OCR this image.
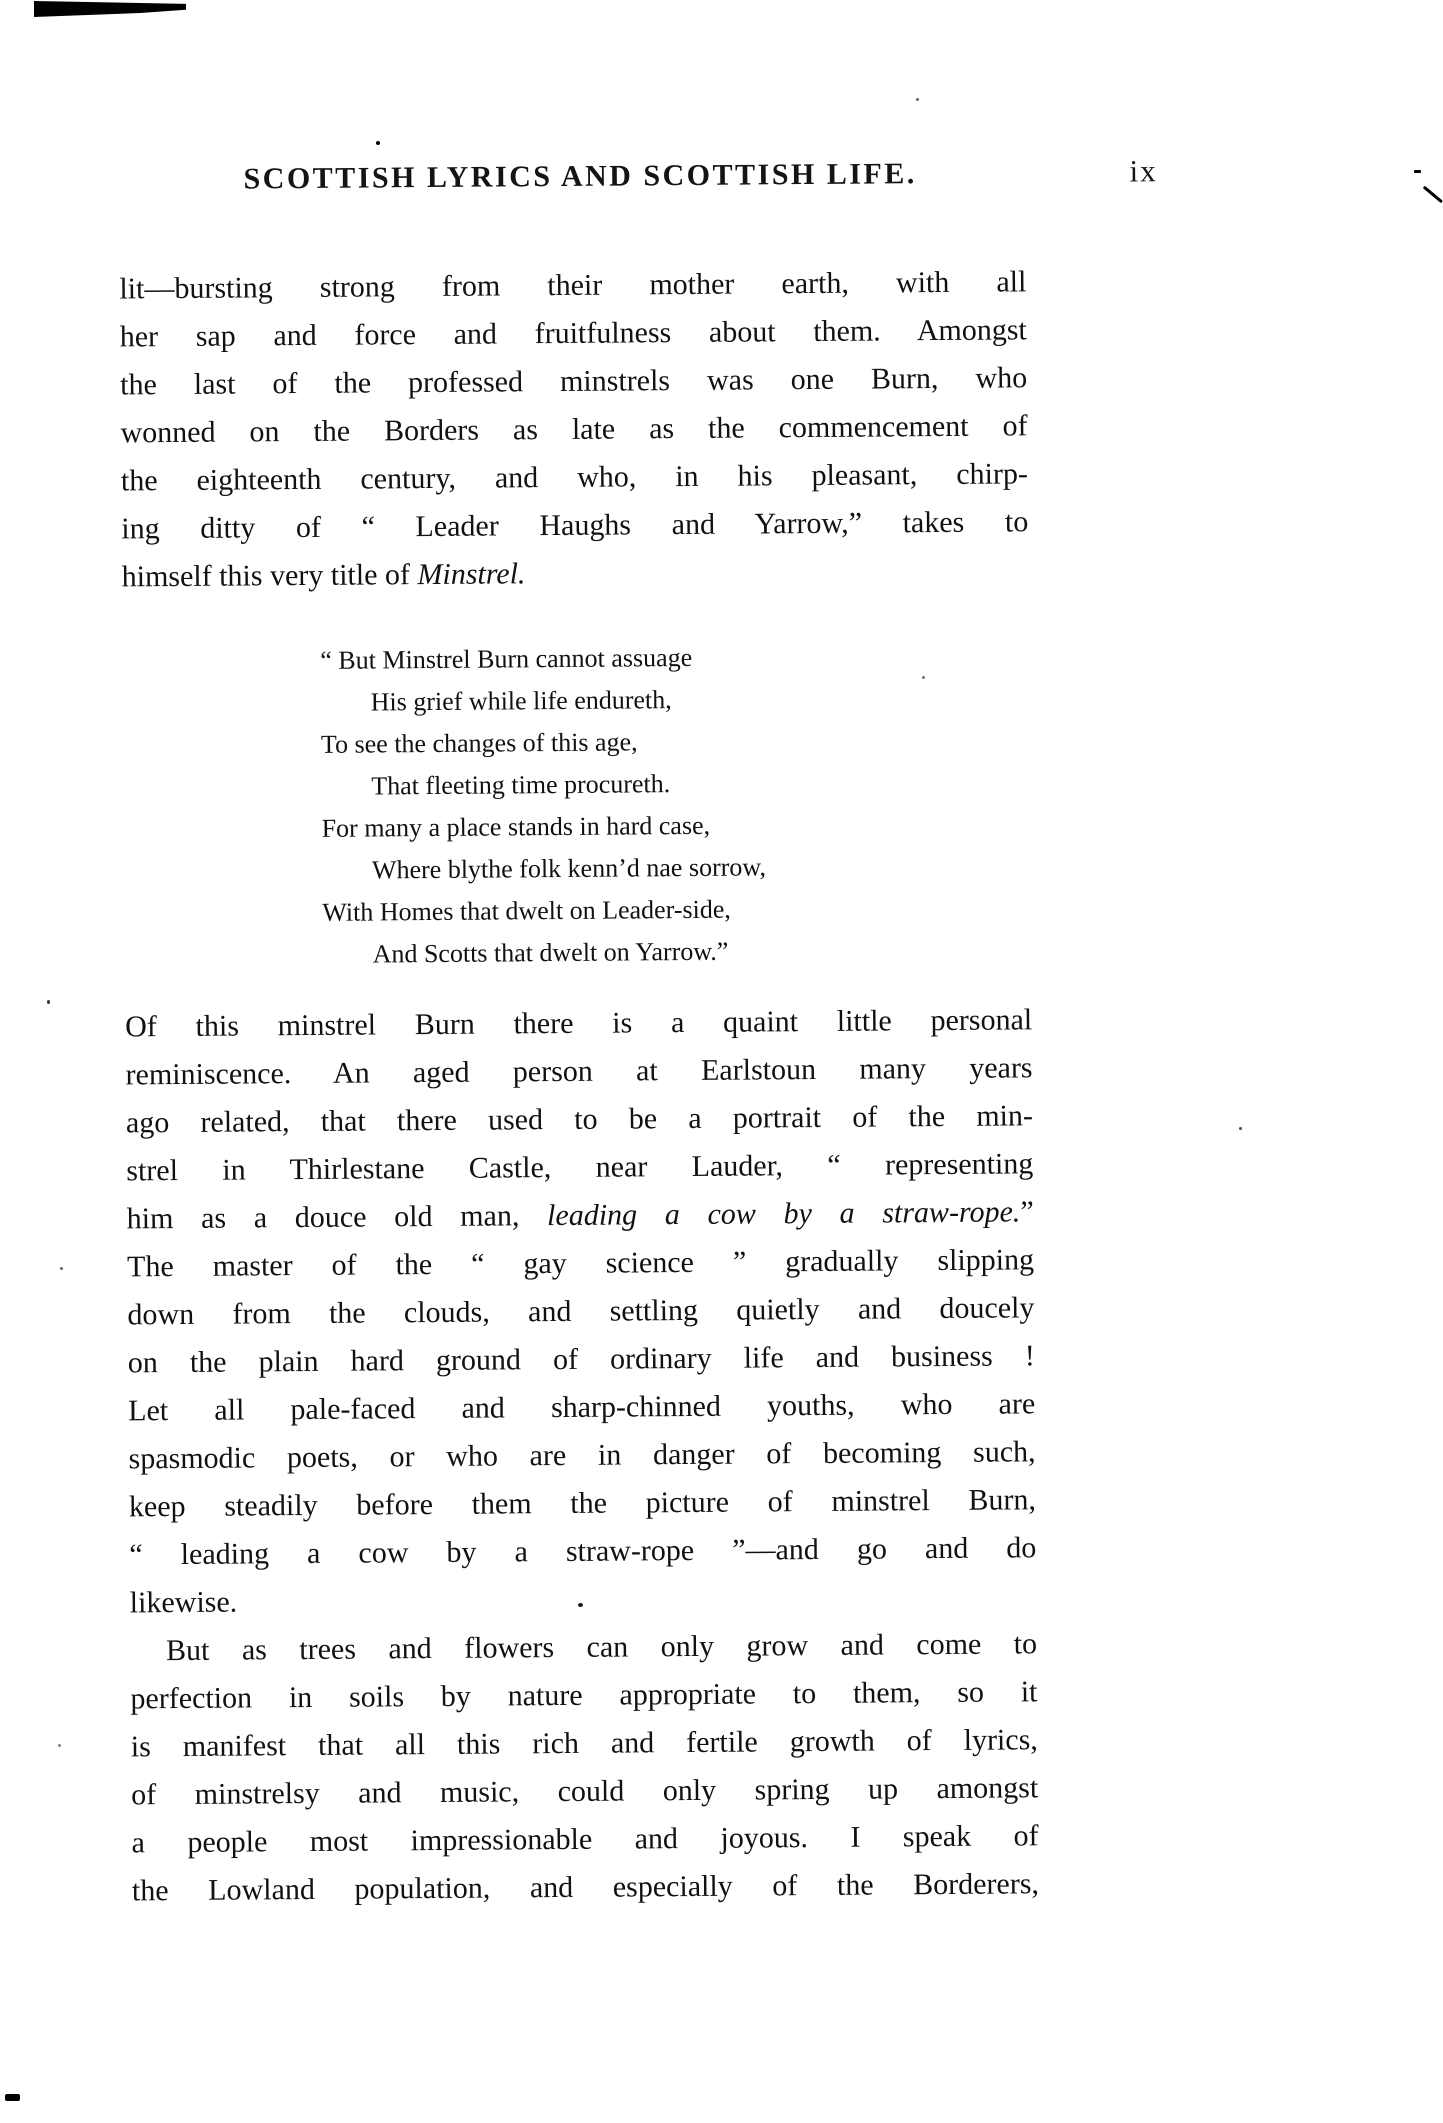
SCOTTISH LYRICS AND SCOTTISH LIFE.	ix
lit—bursting strong from their mother earth, with all
her sap and force and fruitfulness about them. Amongst
the last of the professed minstrels was one Burn, who
wonned on the Borders as late as the commencement of
the eighteenth century, and who, in his pleasant, chirp-
ing ditty of “ Leader Haughs and Yarrow,” takes to
himself this very title of Minstrel.
“ But Minstrel Burn cannot assuage
His grief while life endureth,
To see the changes of this age,
That fleeting time procureth.
For many a place stands in hard case,
Where blythe folk kenn’d nae sorrow,
With Homes that dwelt on Leader-side,
And Scotts that dwelt on Yarrow.”
Of this minstrel Burn there is a quaint little personal
reminiscence. An aged person at Earlstoun many years
ago related, that there used to be a portrait of the min-
strel in Thirlestane Castle, near Lauder, “ representing
him as a douce old man, leading a cow by a straw-rope.”
The master of the “ gay science ” gradually slipping
down from the clouds, and settling quietly and doucely
on the plain hard ground of ordinary life and business !
Let all pale-faced and sharp-chinned youths, who are
spasmodic poets, or who are in danger of becoming such,
keep steadily before them the picture of minstrel Burn,
“ leading a cow by a straw-rope ”—and go and do
likewise.
But as trees and flowers can only grow and come to
perfection in soils by nature appropriate to them, so it
is manifest that all this rich and fertile growth of lyrics,
of minstrelsy and music, could only spring up amongst
a people most impressionable and joyous. I speak of
the Lowland population, and especially of the Borderers,
